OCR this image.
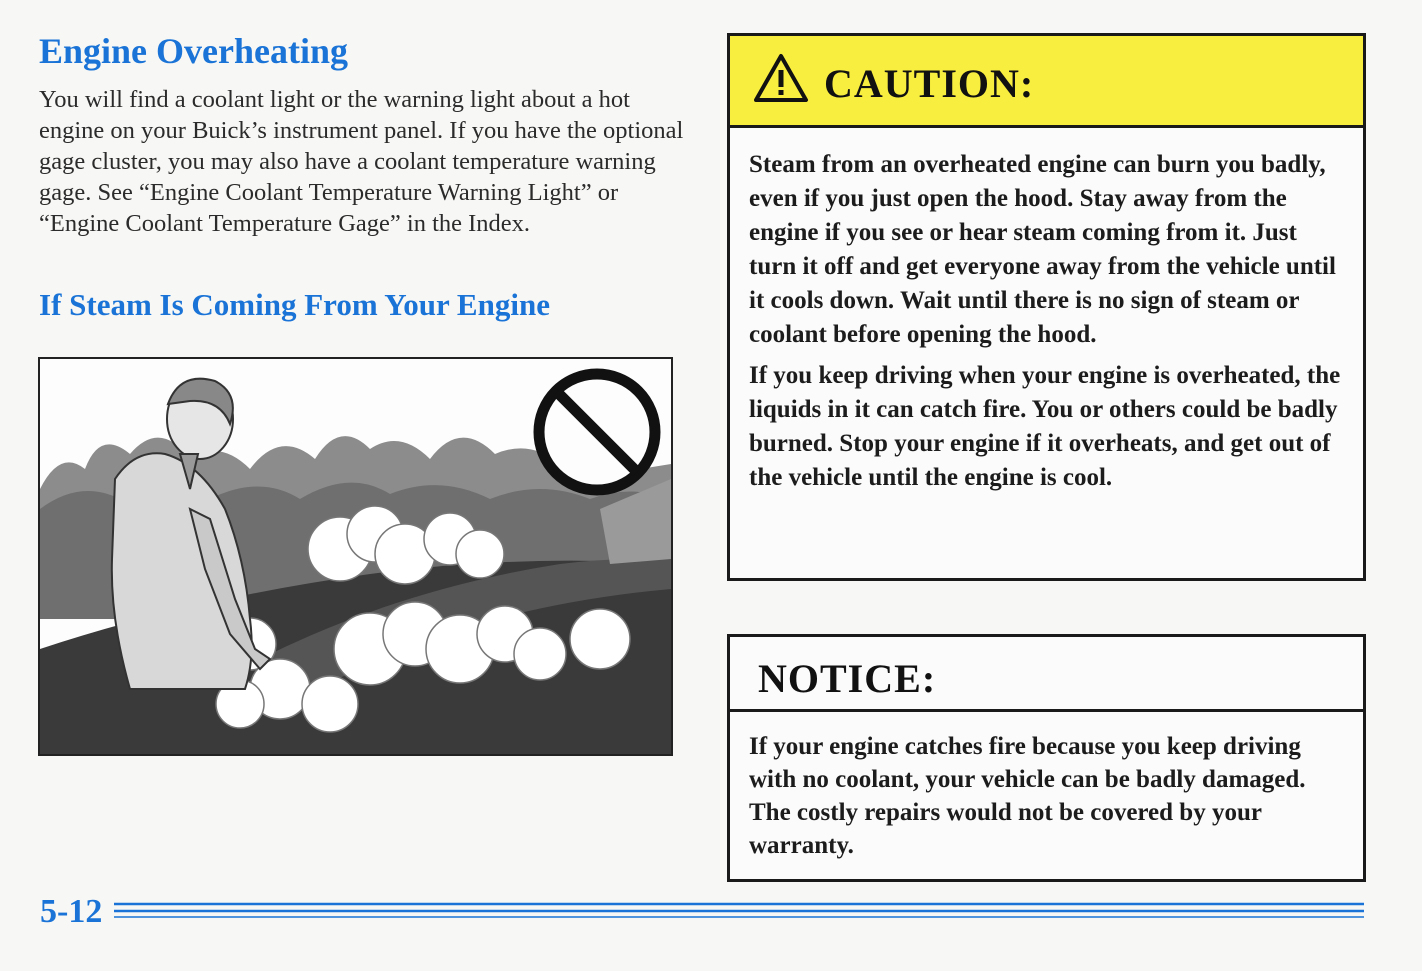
Engine Overheating

You will find a coolant light or the warning light about a hot engine on your Buick’s instrument panel. If you have the optional gage cluster, you may also have a coolant temperature warning gage. See “Engine Coolant Temperature Warning Light” or “Engine Coolant Temperature Gage” in the Index.

If Steam Is Coming From Your Engine
CAUTION:

Steam from an overheated engine can burn you badly, even if you just open the hood. Stay away from the engine if you see or hear steam coming from it. Just turn it off and get everyone away from the vehicle until it cools down. Wait until there is no sign of steam or coolant before opening the hood.

If you keep driving when your engine is overheated, the liquids in it can catch fire. You or others could be badly burned. Stop your engine if it overheats, and get out of the vehicle until the engine is cool.

NOTICE:
If your engine catches fire because you keep driving with no coolant, your vehicle can be badly damaged. The costly repairs would not be covered by your warranty.
5-12
